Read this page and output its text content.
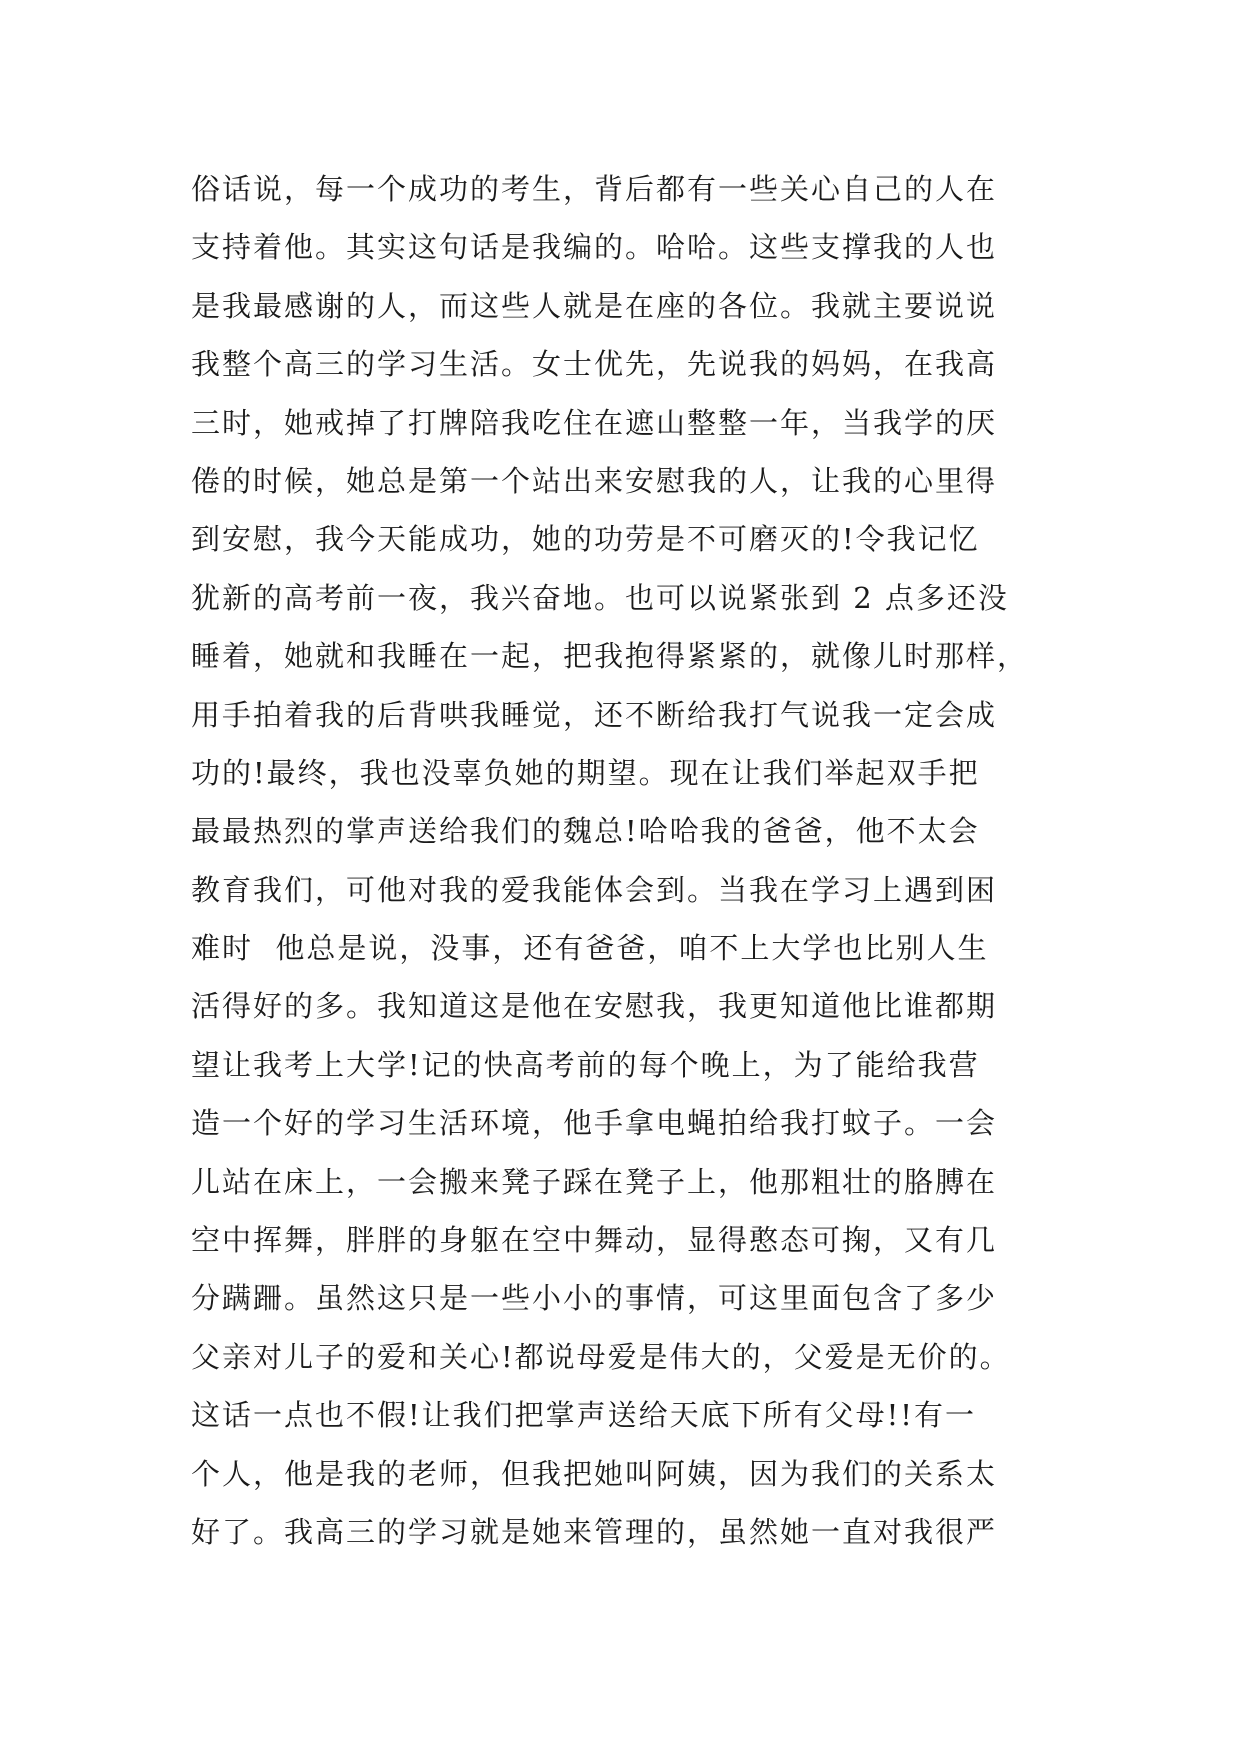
俗话说，每一个成功的考生，背后都有一些关心自己的人在
支持着他。其实这句话是我编的。哈哈。这些支撑我的人也
是我最感谢的人，而这些人就是在座的各位。我就主要说说
我整个高三的学习生活。女士优先，先说我的妈妈，在我高
三时，她戒掉了打牌陪我吃住在遮山整整一年，当我学的厌
倦的时候，她总是第一个站出来安慰我的人，让我的心里得
到安慰，我今天能成功，她的功劳是不可磨灭的!令我记忆
犹新的高考前一夜，我兴奋地。也可以说紧张到 2 点多还没
睡着，她就和我睡在一起，把我抱得紧紧的，就像儿时那样，
用手拍着我的后背哄我睡觉，还不断给我打气说我一定会成
功的!最终，我也没辜负她的期望。现在让我们举起双手把
最最热烈的掌声送给我们的魏总!哈哈我的爸爸，他不太会
教育我们，可他对我的爱我能体会到。当我在学习上遇到困
难时  他总是说，没事，还有爸爸，咱不上大学也比别人生
活得好的多。我知道这是他在安慰我，我更知道他比谁都期
望让我考上大学!记的快高考前的每个晚上，为了能给我营
造一个好的学习生活环境，他手拿电蝇拍给我打蚊子。一会
儿站在床上，一会搬来凳子踩在凳子上，他那粗壮的胳膊在
空中挥舞，胖胖的身躯在空中舞动，显得憨态可掬，又有几
分蹒跚。虽然这只是一些小小的事情，可这里面包含了多少
父亲对儿子的爱和关心!都说母爱是伟大的，父爱是无价的。
这话一点也不假!让我们把掌声送给天底下所有父母!!有一
个人，他是我的老师，但我把她叫阿姨，因为我们的关系太
好了。我高三的学习就是她来管理的，虽然她一直对我很严
